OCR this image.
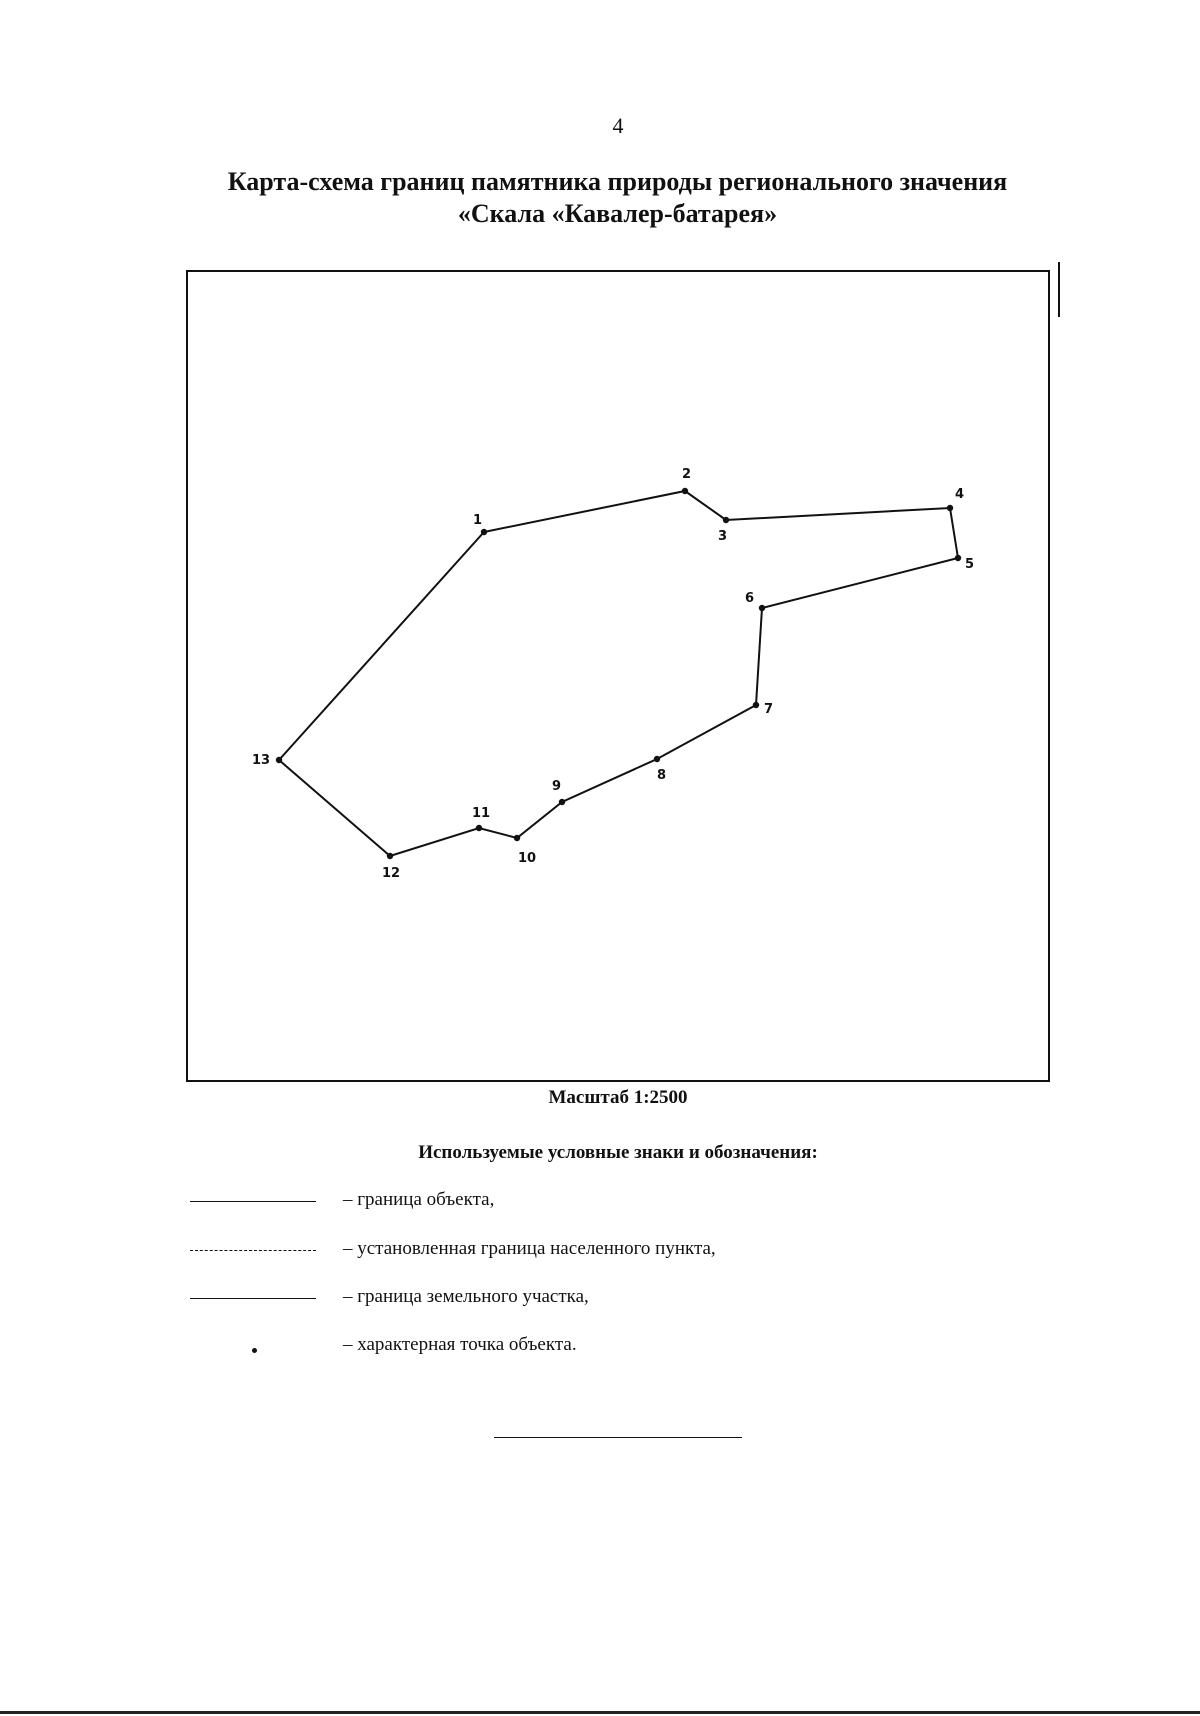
4
Карта-схема границ памятника природы регионального значения
«Скала «Кавалер-батарея»
1
2
3
4
5
6
7
8
9
10
11
12
13
Масштаб 1:2500
Используемые условные знаки и обозначения:
– граница объекта,
– установленная граница населенного пункта,
– граница земельного участка,
– характерная точка объекта.
